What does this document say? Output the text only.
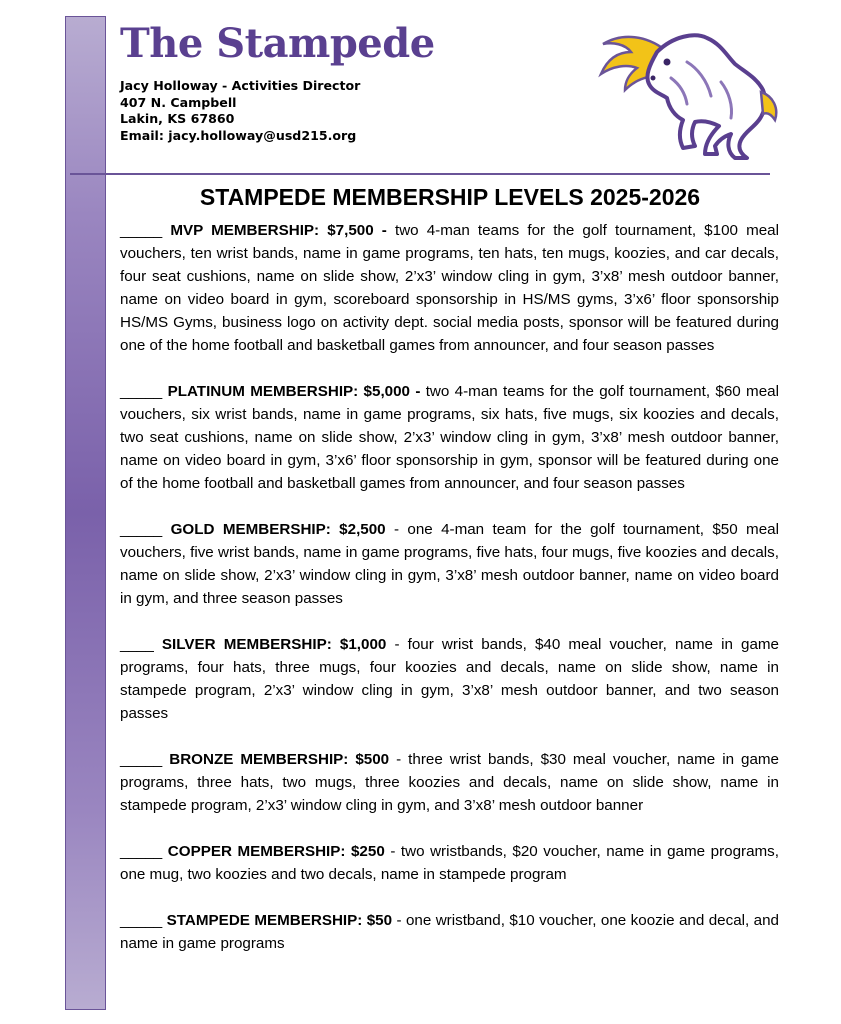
The Stampede
Jacy Holloway - Activities Director
407 N. Campbell
Lakin, KS 67860
Email: jacy.holloway@usd215.org
STAMPEDE MEMBERSHIP LEVELS 2025-2026

_____ MVP MEMBERSHIP: $7,500 - two 4-man teams for the golf tournament, $100 meal vouchers, ten wrist bands, name in game programs, ten hats, ten mugs, koozies, and car decals, four seat cushions, name on slide show, 2’x3’ window cling in gym, 3’x8’ mesh outdoor banner, name on video board in gym, scoreboard sponsorship in HS/MS gyms, 3’x6’ floor sponsorship HS/MS Gyms, business logo on activity dept. social media posts, sponsor will be featured during one of the home football and basketball games from announcer, and four season passes

_____ PLATINUM MEMBERSHIP: $5,000 - two 4-man teams for the golf tournament, $60 meal vouchers, six wrist bands, name in game programs, six hats, five mugs, six koozies and decals, two seat cushions, name on slide show, 2’x3’ window cling in gym, 3’x8’ mesh outdoor banner, name on video board in gym, 3’x6’ floor sponsorship in gym, sponsor will be featured during one of the home football and basketball games from announcer, and four season passes

_____ GOLD MEMBERSHIP: $2,500 - one 4-man team for the golf tournament, $50 meal vouchers, five wrist bands, name in game programs, five hats, four mugs, five koozies and decals, name on slide show, 2’x3’ window cling in gym, 3’x8’ mesh outdoor banner, name on video board in gym, and three season passes

____ SILVER MEMBERSHIP: $1,000 - four wrist bands, $40 meal voucher, name in game programs, four hats, three mugs, four koozies and decals, name on slide show, name in stampede program, 2’x3’ window cling in gym, 3’x8’ mesh outdoor banner, and two season passes

_____ BRONZE MEMBERSHIP: $500 - three wrist bands, $30 meal voucher, name in game programs, three hats, two mugs, three koozies and decals, name on slide show, name in stampede program, 2’x3’ window cling in gym, and 3’x8’ mesh outdoor banner

_____ COPPER MEMBERSHIP: $250 - two wristbands, $20 voucher, name in game programs, one mug, two koozies and two decals, name in stampede program

_____ STAMPEDE MEMBERSHIP: $50 - one wristband, $10 voucher, one koozie and decal, and name in game programs
